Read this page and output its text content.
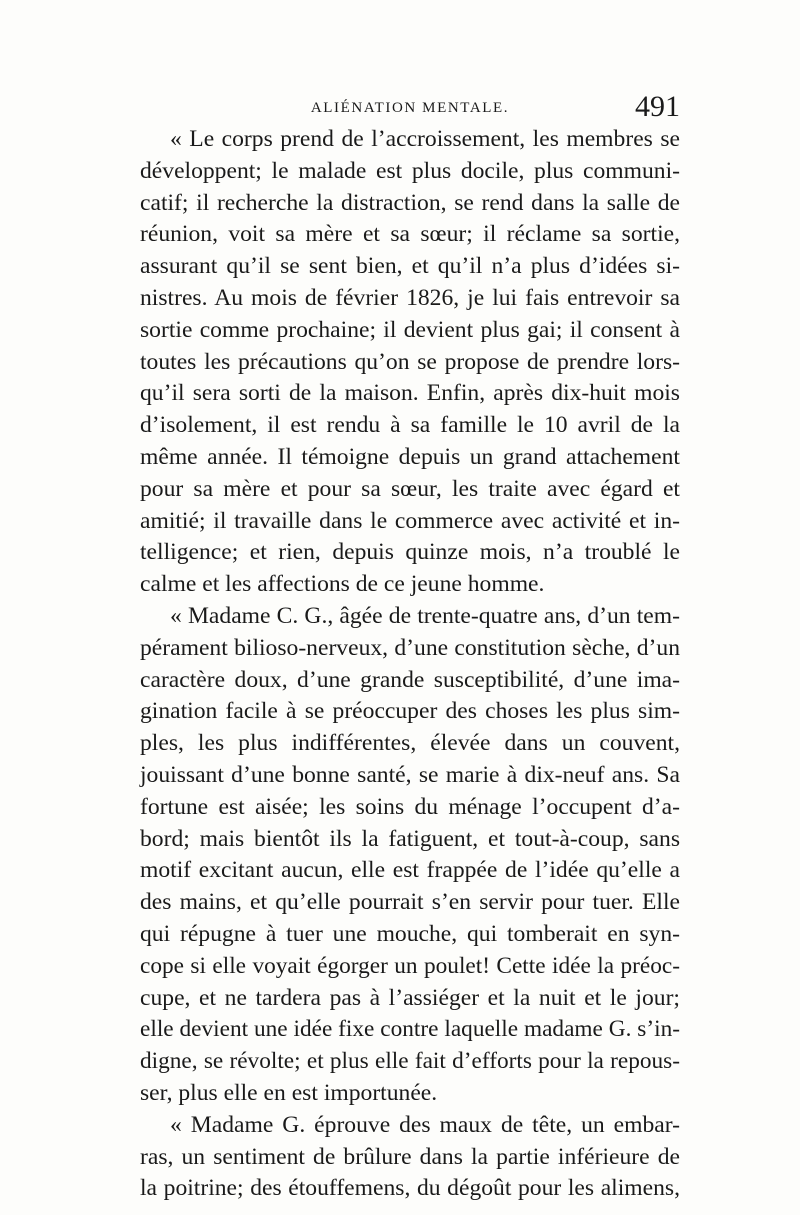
ALIÉNATION MENTALE.	491
« Le corps prend de l’accroissement, les membres se
développent; le malade est plus docile, plus communi-
catif; il recherche la distraction, se rend dans la salle de
réunion, voit sa mère et sa sœur; il réclame sa sortie,
assurant qu’il se sent bien, et qu’il n’a plus d’idées si-
nistres. Au mois de février 1826, je lui fais entrevoir sa
sortie comme prochaine; il devient plus gai; il consent à
toutes les précautions qu’on se propose de prendre lors-
qu’il sera sorti de la maison. Enfin, après dix-huit mois
d’isolement, il est rendu à sa famille le 10 avril de la
même année. Il témoigne depuis un grand attachement
pour sa mère et pour sa sœur, les traite avec égard et
amitié; il travaille dans le commerce avec activité et in-
telligence; et rien, depuis quinze mois, n’a troublé le
calme et les affections de ce jeune homme.
« Madame C. G., âgée de trente-quatre ans, d’un tem-
pérament bilioso-nerveux, d’une constitution sèche, d’un
caractère doux, d’une grande susceptibilité, d’une ima-
gination facile à se préoccuper des choses les plus sim-
ples, les plus indifférentes, élevée dans un couvent,
jouissant d’une bonne santé, se marie à dix-neuf ans. Sa
fortune est aisée; les soins du ménage l’occupent d’a-
bord; mais bientôt ils la fatiguent, et tout-à-coup, sans
motif excitant aucun, elle est frappée de l’idée qu’elle a
des mains, et qu’elle pourrait s’en servir pour tuer. Elle
qui répugne à tuer une mouche, qui tomberait en syn-
cope si elle voyait égorger un poulet! Cette idée la préoc-
cupe, et ne tardera pas à l’assiéger et la nuit et le jour;
elle devient une idée fixe contre laquelle madame G. s’in-
digne, se révolte; et plus elle fait d’efforts pour la repous-
ser, plus elle en est importunée.
« Madame G. éprouve des maux de tête, un embar-
ras, un sentiment de brûlure dans la partie inférieure de
la poitrine; des étouffemens, du dégoût pour les alimens,
